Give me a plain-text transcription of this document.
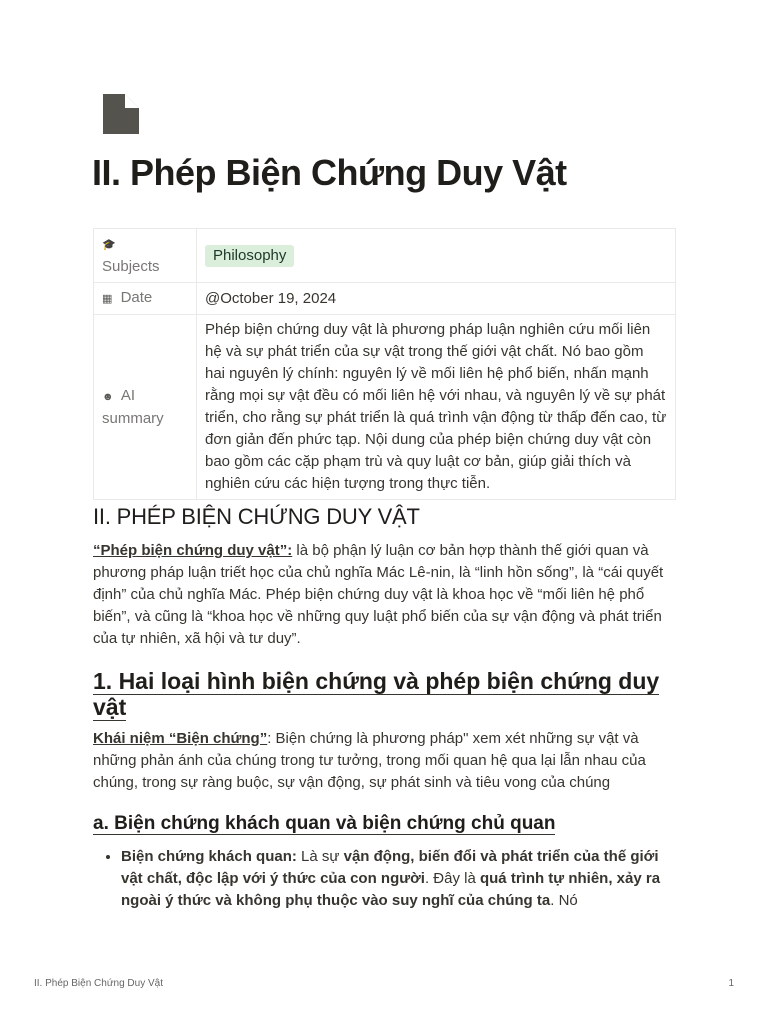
II. Phép Biện Chứng Duy Vật
🎓
Subjects	Philosophy
▦ Date	@October 19, 2024
☻ AI summary	Phép biện chứng duy vật là phương pháp luận nghiên cứu mối liên hệ và sự phát triển của sự vật trong thế giới vật chất. Nó bao gồm hai nguyên lý chính: nguyên lý về mối liên hệ phổ biến, nhấn mạnh rằng mọi sự vật đều có mối liên hệ với nhau, và nguyên lý về sự phát triển, cho rằng sự phát triển là quá trình vận động từ thấp đến cao, từ đơn giản đến phức tạp. Nội dung của phép biện chứng duy vật còn bao gồm các cặp phạm trù và quy luật cơ bản, giúp giải thích và nghiên cứu các hiện tượng trong thực tiễn.
II. PHÉP BIỆN CHỨNG DUY VẬT

“Phép biện chứng duy vật”: là bộ phận lý luận cơ bản hợp thành thế giới quan và phương pháp luận triết học của chủ nghĩa Mác Lê-nin, là “linh hồn sống”, là “cái quyết định” của chủ nghĩa Mác. Phép biện chứng duy vật là khoa học về “mối liên hệ phổ biến”, và cũng là “khoa học về những quy luật phổ biến của sự vận động và phát triển của tự nhiên, xã hội và tư duy”.

1. Hai loại hình biện chứng và phép biện chứng duy vật

Khái niệm “Biện chứng”: Biện chứng là phương pháp" xem xét những sự vật và những phản ánh của chúng trong tư tưởng, trong mối quan hệ qua lại lẫn nhau của chúng, trong sự ràng buộc, sự vận động, sự phát sinh và tiêu vong của chúng

a. Biện chứng khách quan và biện chứng chủ quan
• Biện chứng khách quan: Là sự vận động, biến đổi và phát triển của thế giới vật chất, độc lập với ý thức của con người. Đây là quá trình tự nhiên, xảy ra ngoài ý thức và không phụ thuộc vào suy nghĩ của chúng ta. Nó
II. Phép Biện Chứng Duy Vật	1
